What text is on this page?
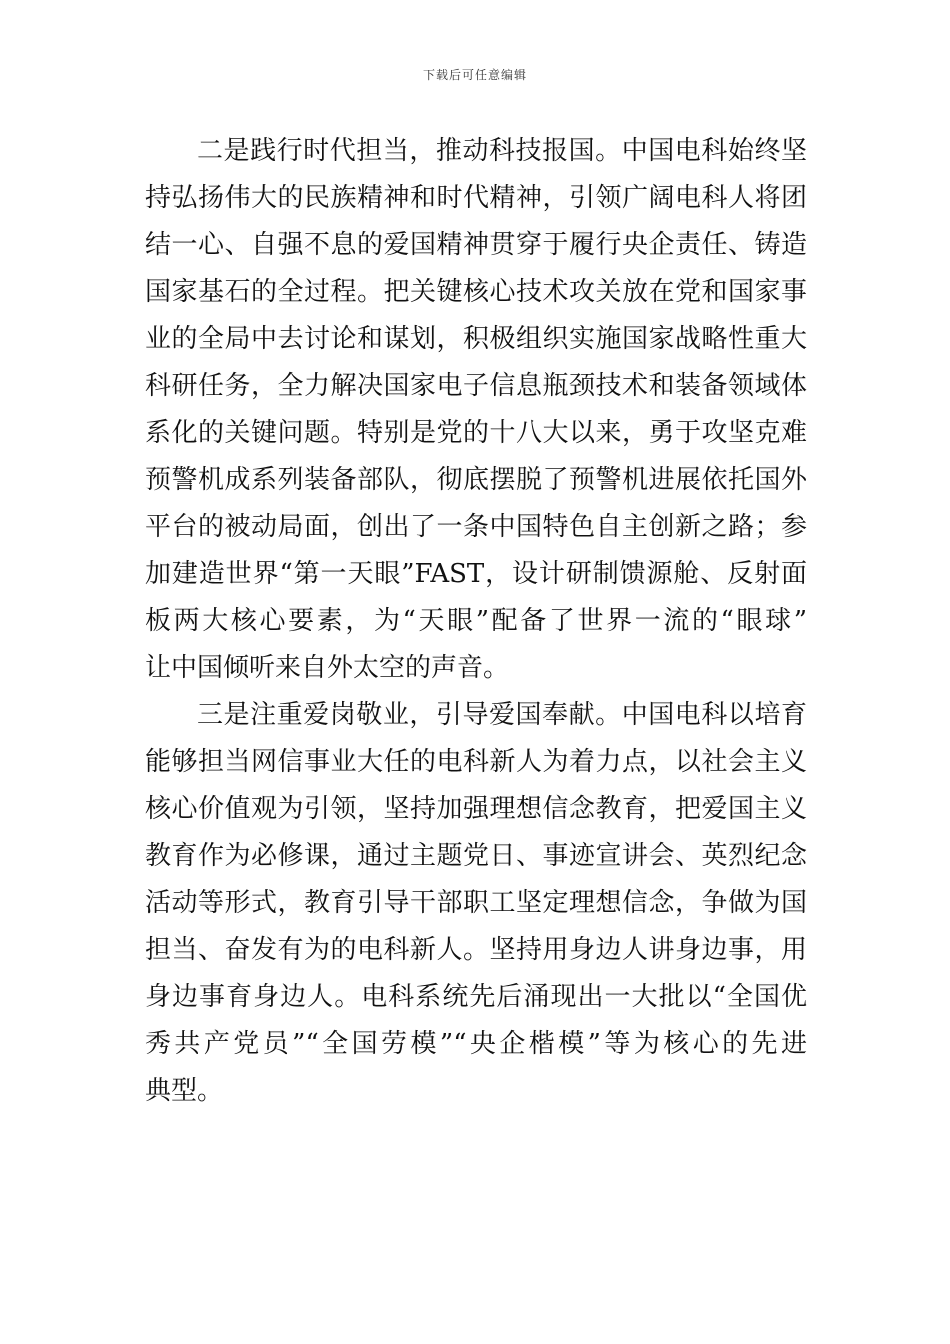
下载后可任意编辑
二是践行时代担当，推动科技报国。中国电科始终坚
持弘扬伟大的民族精神和时代精神，引领广阔电科人将团
结一心、自强不息的爱国精神贯穿于履行央企责任、铸造
国家基石的全过程。把关键核心技术攻关放在党和国家事
业的全局中去讨论和谋划，积极组织实施国家战略性重大
科研任务，全力解决国家电子信息瓶颈技术和装备领域体
系化的关键问题。特别是党的十八大以来，勇于攻坚克难
预警机成系列装备部队，彻底摆脱了预警机进展依托国外
平台的被动局面，创出了一条中国特色自主创新之路；参
加建造世界“第一天眼”FAST，设计研制馈源舱、反射面
板两大核心要素，为“天眼”配备了世界一流的“眼球”
让中国倾听来自外太空的声音。
三是注重爱岗敬业，引导爱国奉献。中国电科以培育
能够担当网信事业大任的电科新人为着力点，以社会主义
核心价值观为引领，坚持加强理想信念教育，把爱国主义
教育作为必修课，通过主题党日、事迹宣讲会、英烈纪念
活动等形式，教育引导干部职工坚定理想信念，争做为国
担当、奋发有为的电科新人。坚持用身边人讲身边事，用
身边事育身边人。电科系统先后涌现出一大批以“全国优
秀共产党员”“全国劳模”“央企楷模”等为核心的先进
典型。
